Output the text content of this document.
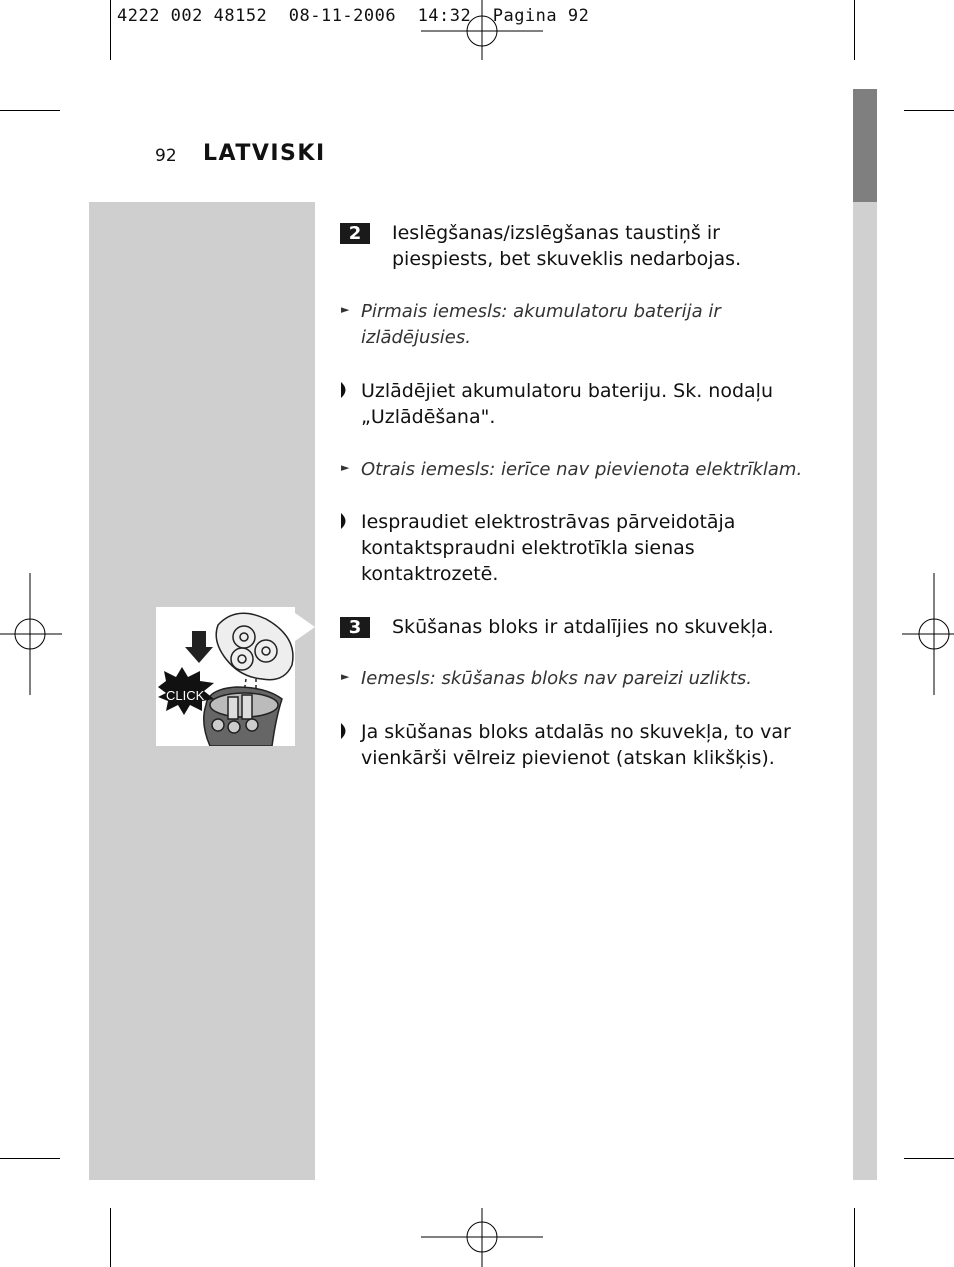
4222 002 48152  08-11-2006  14:32  Pagina 92
92 LATVISKI
CLICK
2	Ieslēgšanas/izslēgšanas taustiņš ir
piespiests, bet skuveklis nedarbojas.
► Pirmais iemesls: akumulatoru baterija ir
izlādējusies.
Uzlādējiet akumulatoru bateriju. Sk. nodaļu
„Uzlādēšana".
► Otrais iemesls: ierīce nav pievienota elektrīklam.
Iespraudiet elektrostrāvas pārveidotāja
kontaktspraudni elektrotīkla sienas
kontaktrozetē.
3	Skūšanas bloks ir atdalījies no skuvekļa.
► Iemesls: skūšanas bloks nav pareizi uzlikts.
Ja skūšanas bloks atdalās no skuvekļa, to var
vienkārši vēlreiz pievienot (atskan klikšķis).
